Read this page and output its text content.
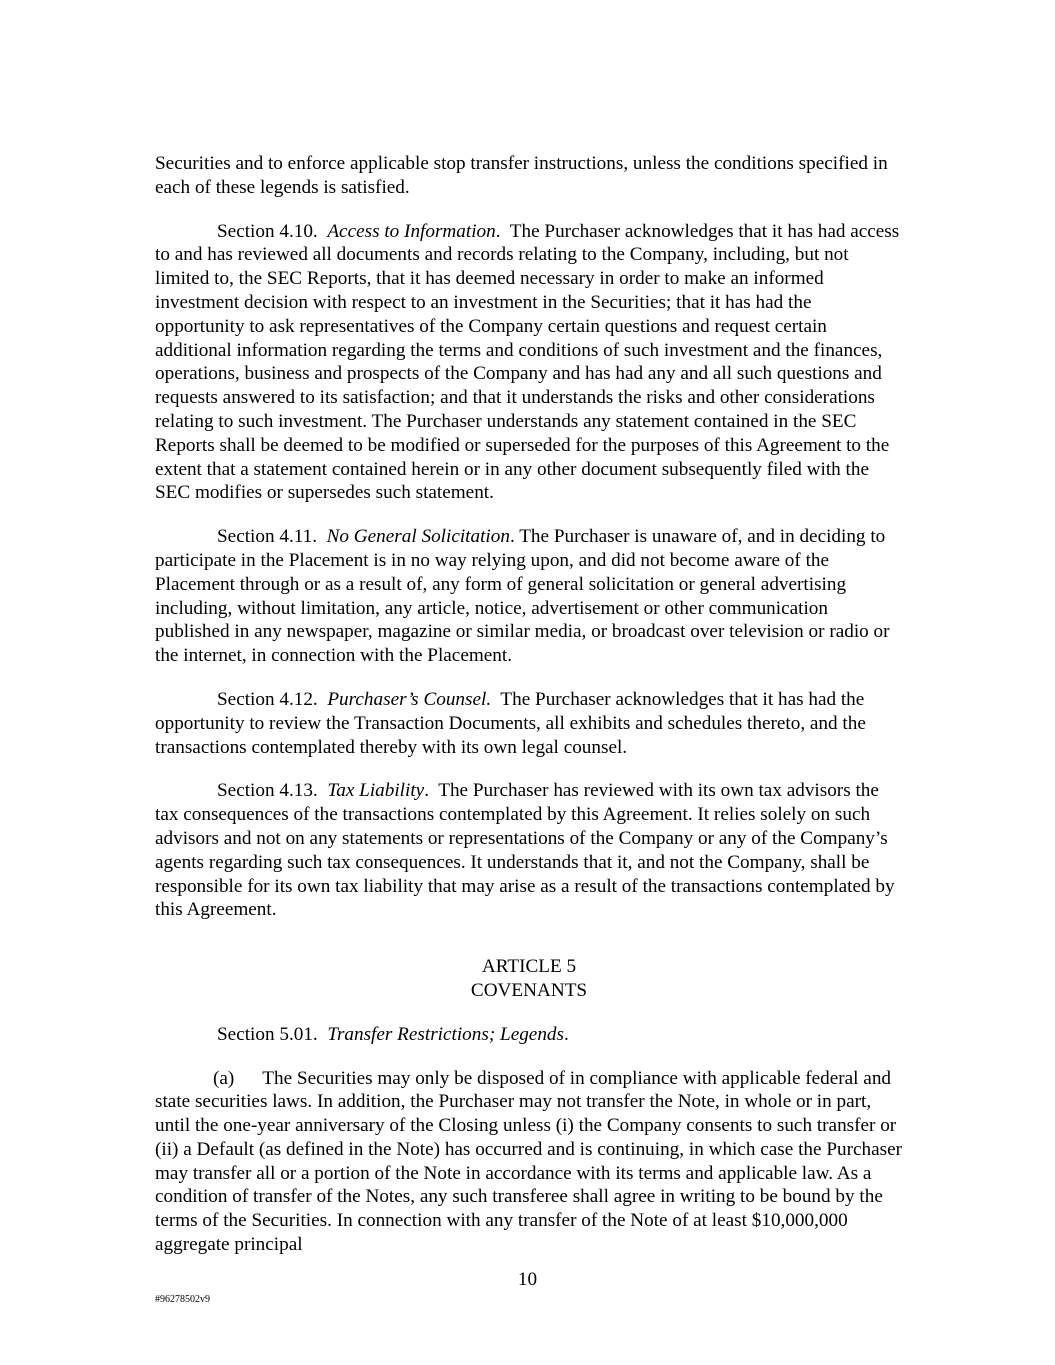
Securities and to enforce applicable stop transfer instructions, unless the conditions specified in each of these legends is satisfied.

Section 4.10. Access to Information. The Purchaser acknowledges that it has had access to and has reviewed all documents and records relating to the Company, including, but not limited to, the SEC Reports, that it has deemed necessary in order to make an informed investment decision with respect to an investment in the Securities; that it has had the opportunity to ask representatives of the Company certain questions and request certain additional information regarding the terms and conditions of such investment and the finances, operations, business and prospects of the Company and has had any and all such questions and requests answered to its satisfaction; and that it understands the risks and other considerations relating to such investment. The Purchaser understands any statement contained in the SEC Reports shall be deemed to be modified or superseded for the purposes of this Agreement to the extent that a statement contained herein or in any other document subsequently filed with the SEC modifies or supersedes such statement.

Section 4.11. No General Solicitation. The Purchaser is unaware of, and in deciding to participate in the Placement is in no way relying upon, and did not become aware of the Placement through or as a result of, any form of general solicitation or general advertising including, without limitation, any article, notice, advertisement or other communication published in any newspaper, magazine or similar media, or broadcast over television or radio or the internet, in connection with the Placement.

Section 4.12. Purchaser’s Counsel. The Purchaser acknowledges that it has had the opportunity to review the Transaction Documents, all exhibits and schedules thereto, and the transactions contemplated thereby with its own legal counsel.

Section 4.13. Tax Liability. The Purchaser has reviewed with its own tax advisors the tax consequences of the transactions contemplated by this Agreement. It relies solely on such advisors and not on any statements or representations of the Company or any of the Company’s agents regarding such tax consequences. It understands that it, and not the Company, shall be responsible for its own tax liability that may arise as a result of the transactions contemplated by this Agreement.

ARTICLE 5

COVENANTS

Section 5.01. Transfer Restrictions; Legends.

(a) The Securities may only be disposed of in compliance with applicable federal and state securities laws. In addition, the Purchaser may not transfer the Note, in whole or in part, until the one-year anniversary of the Closing unless (i) the Company consents to such transfer or (ii) a Default (as defined in the Note) has occurred and is continuing, in which case the Purchaser may transfer all or a portion of the Note in accordance with its terms and applicable law. As a condition of transfer of the Notes, any such transferee shall agree in writing to be bound by the terms of the Securities. In connection with any transfer of the Note of at least $10,000,000 aggregate principal

10
#96278502v9
